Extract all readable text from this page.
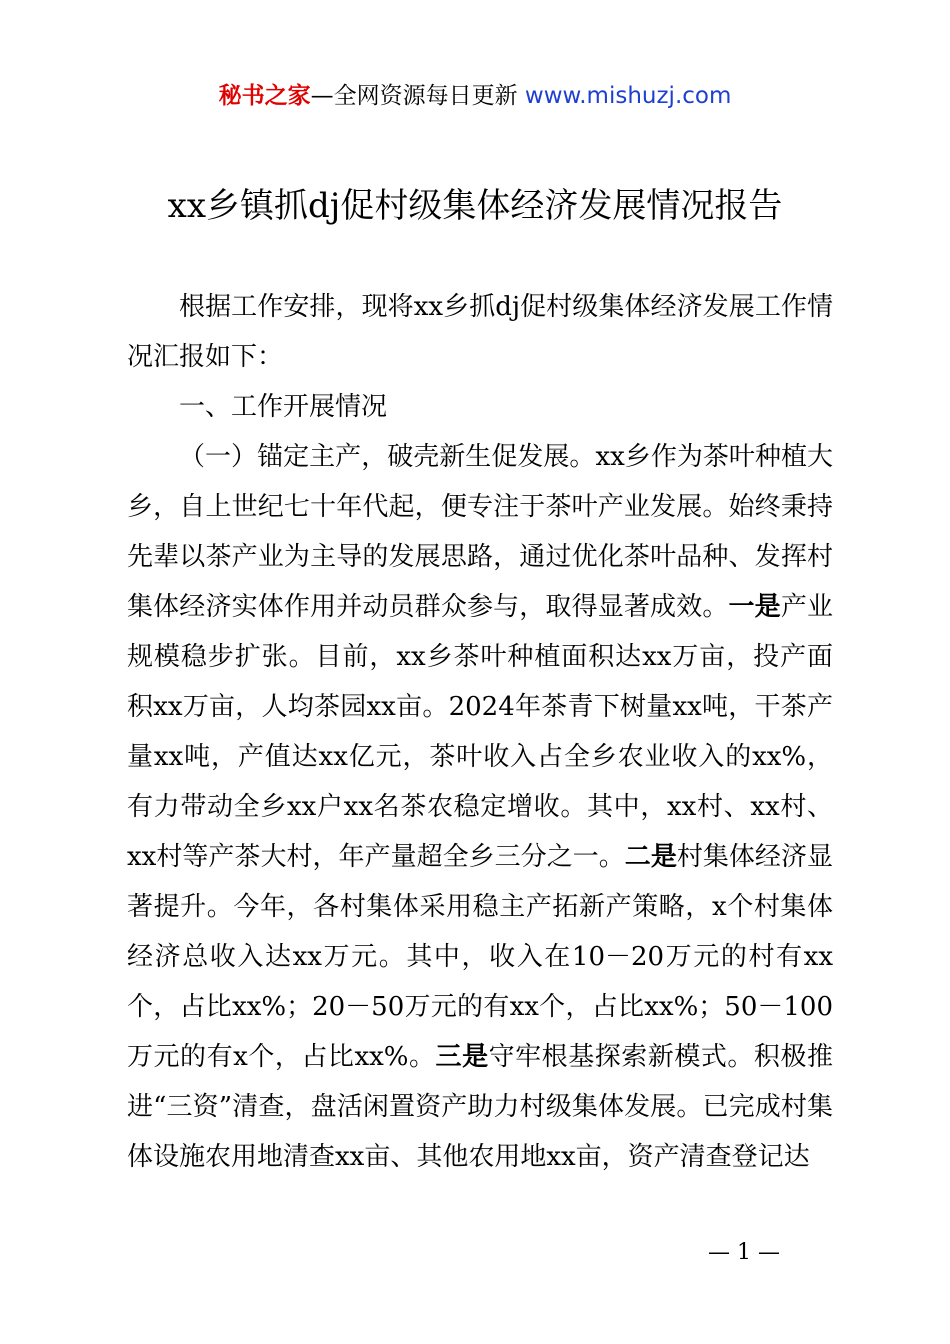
秘书之家—全网资源每日更新 www.mishuzj.com
xx乡镇抓dj促村级集体经济发展情况报告

根据工作安排，现将xx乡抓dj促村级集体经济发展工作情况汇报如下：

一、工作开展情况

（一）锚定主产，破壳新生促发展。xx乡作为茶叶种植大乡，自上世纪七十年代起，便专注于茶叶产业发展。始终秉持先辈以茶产业为主导的发展思路，通过优化茶叶品种、发挥村集体经济实体作用并动员群众参与，取得显著成效。一是产业规模稳步扩张。目前，xx乡茶叶种植面积达xx万亩，投产面积xx万亩，人均茶园xx亩。2024年茶青下树量xx吨，干茶产量xx吨，产值达xx亿元，茶叶收入占全乡农业收入的xx%，有力带动全乡xx户xx名茶农稳定增收。其中，xx村、xx村、xx村等产茶大村，年产量超全乡三分之一。二是村集体经济显著提升。今年，各村集体采用稳主产拓新产策略，x个村集体经济总收入达xx万元。其中，收入在10－20万元的村有xx个，占比xx%；20－50万元的有xx个，占比xx%；50－100万元的有x个，占比xx%。三是守牢根基探索新模式。积极推进“三资”清查，盘活闲置资产助力村级集体发展。已完成村集体设施农用地清查xx亩、其他农用地xx亩，资产清查登记达

— 1 —
